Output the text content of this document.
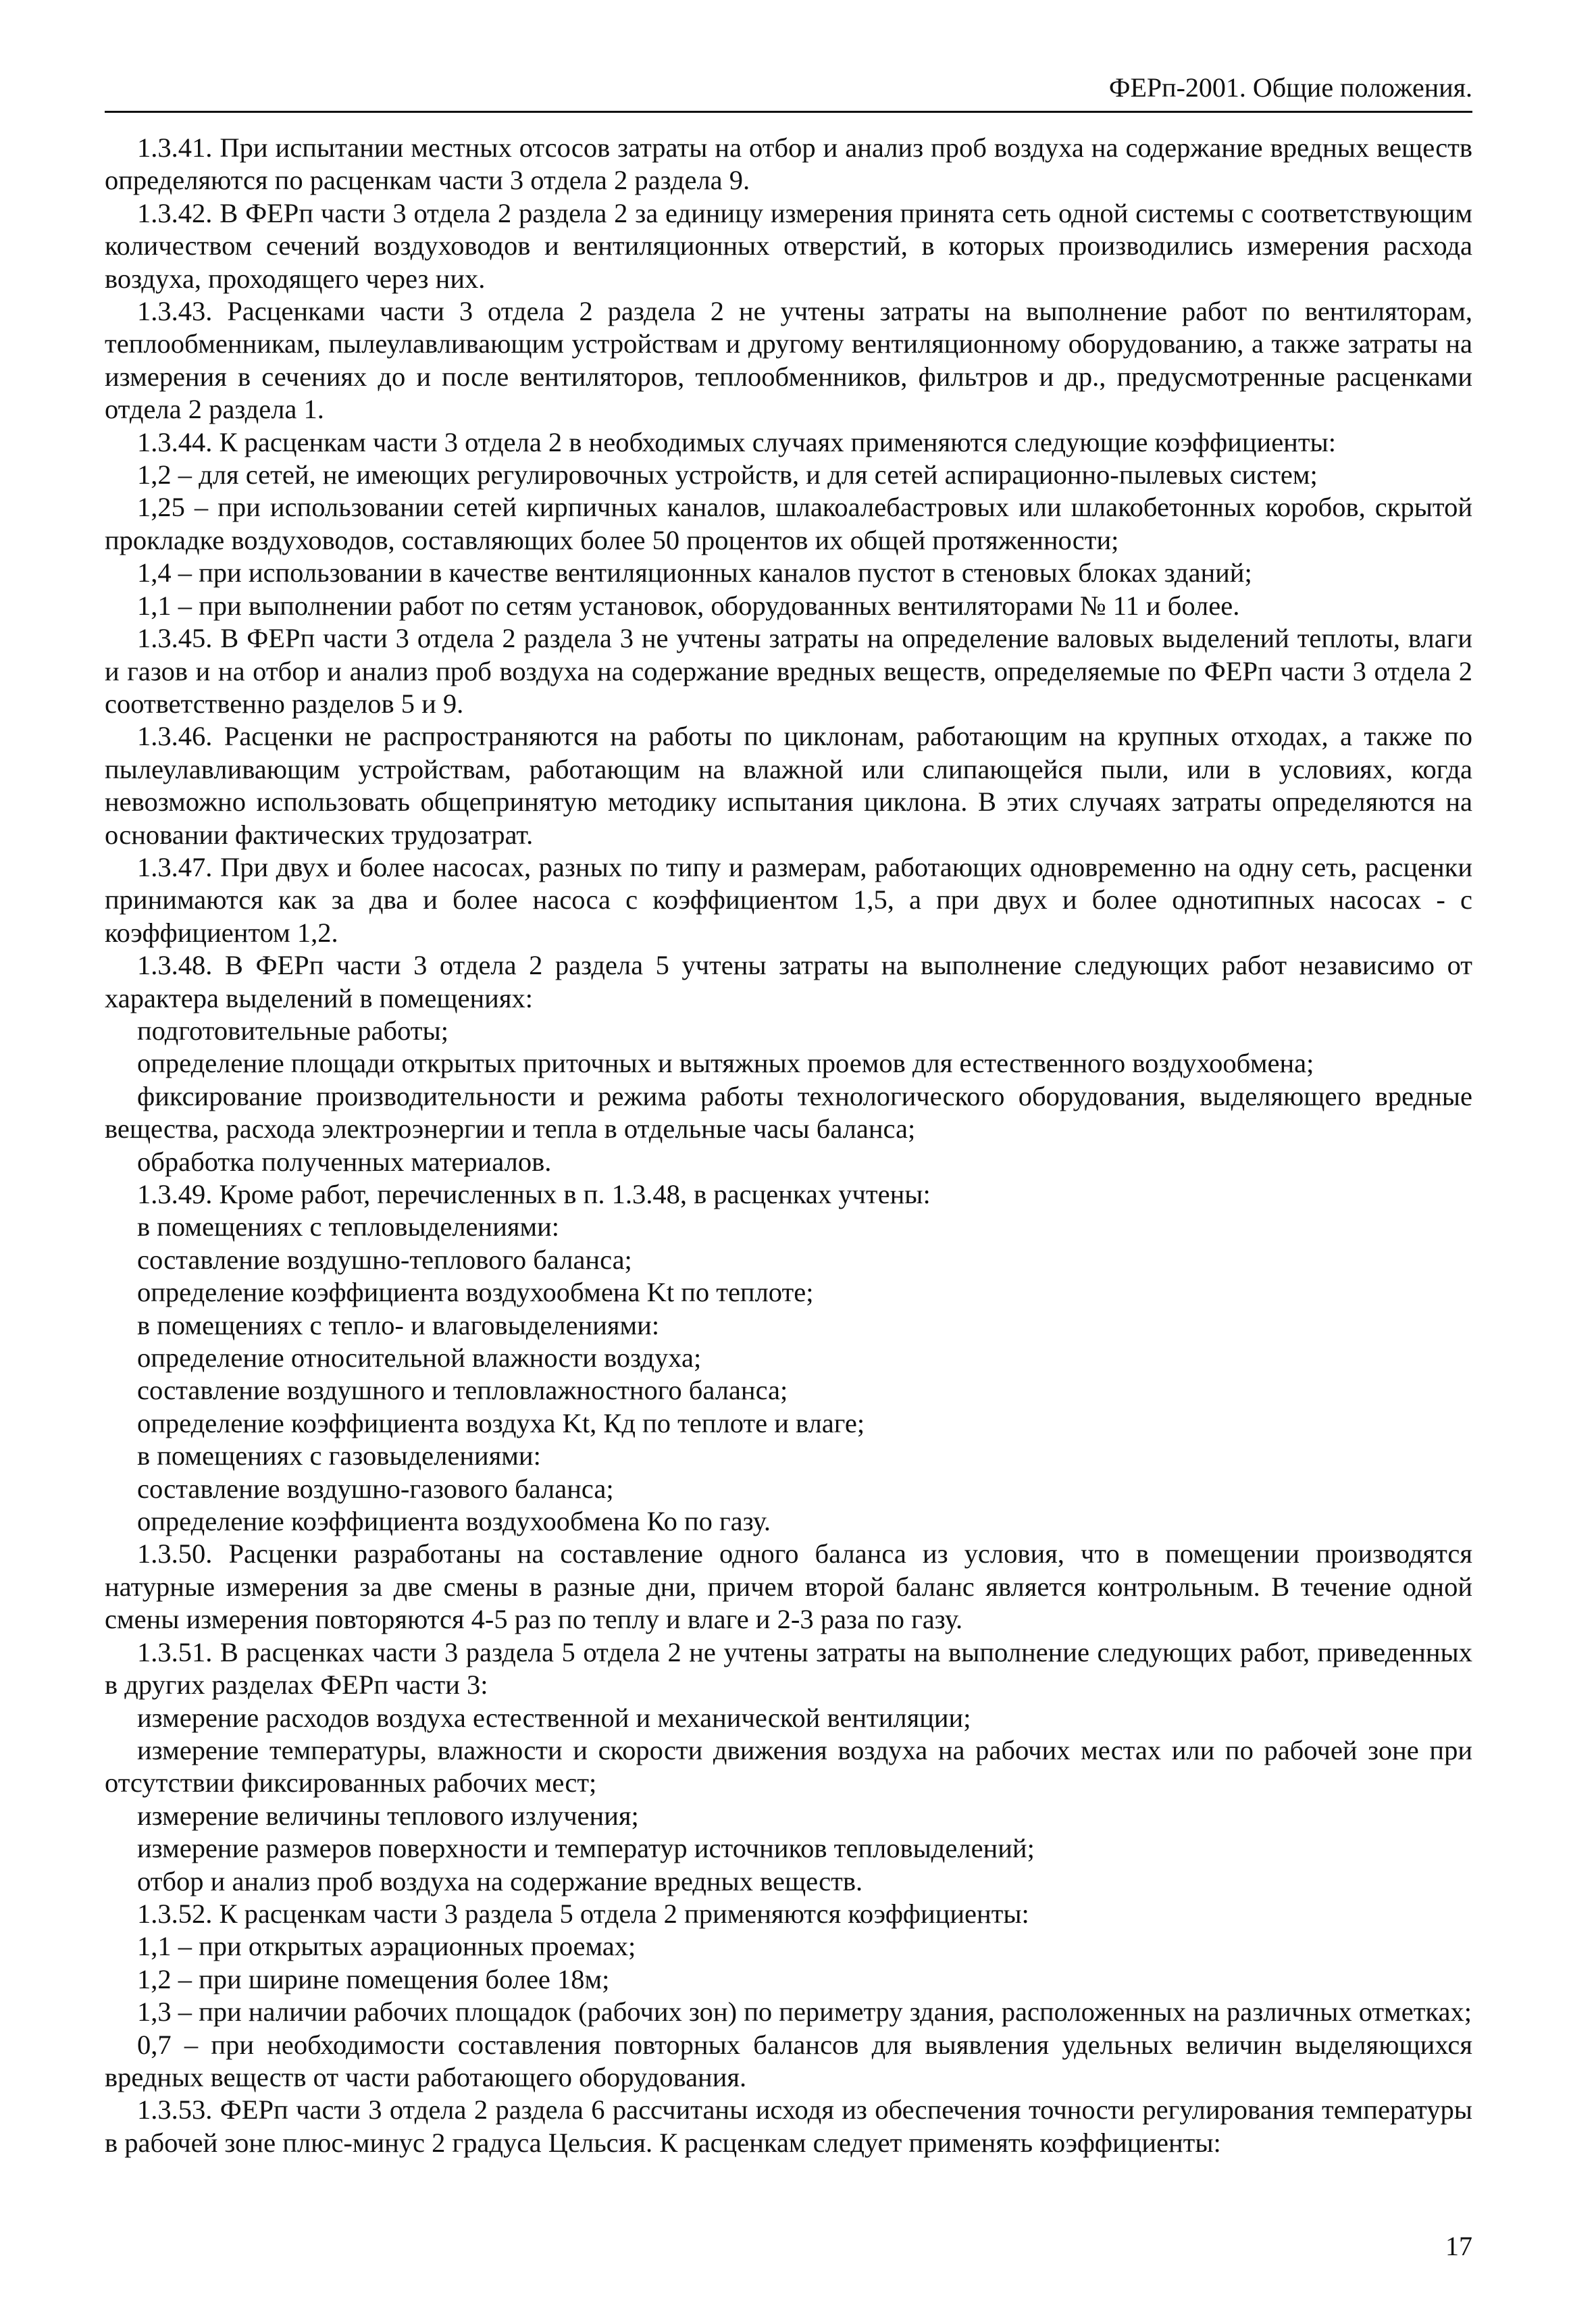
ФЕРп-2001. Общие положения.

1.3.41. При испытании местных отсосов затраты на отбор и анализ проб воздуха на содержание вредных веществ определяются по расценкам части 3 отдела 2 раздела 9.

1.3.42. В ФЕРп части 3 отдела 2 раздела 2 за единицу измерения принята сеть одной системы с соответствующим количеством сечений воздуховодов и вентиляционных отверстий, в которых производились измерения расхода воздуха, проходящего через них.

1.3.43. Расценками части 3 отдела 2 раздела 2 не учтены затраты на выполнение работ по вентиляторам, теплообменникам, пылеулавливающим устройствам и другому вентиляционному оборудованию, а также затраты на измерения в сечениях до и после вентиляторов, теплообменников, фильтров и др., предусмотренные расценками отдела 2 раздела 1.

1.3.44. К расценкам части 3 отдела 2 в необходимых случаях применяются следующие коэффициенты:

1,2 – для сетей, не имеющих регулировочных устройств, и для сетей аспирационно-пылевых систем;

1,25 – при использовании сетей кирпичных каналов, шлакоалебастровых или шлакобетонных коробов, скрытой прокладке воздуховодов, составляющих более 50 процентов их общей протяженности;

1,4 – при использовании в качестве вентиляционных каналов пустот в стеновых блоках зданий;

1,1 – при выполнении работ по сетям установок, оборудованных вентиляторами № 11 и более.

1.3.45. В ФЕРп части 3 отдела 2 раздела 3 не учтены затраты на определение валовых выделений теплоты, влаги и газов и на отбор и анализ проб воздуха на содержание вредных веществ, определяемые по ФЕРп части 3 отдела 2 соответственно разделов 5 и 9.

1.3.46. Расценки не распространяются на работы по циклонам, работающим на крупных отходах, а также по пылеулавливающим устройствам, работающим на влажной или слипающейся пыли, или в условиях, когда невозможно использовать общепринятую методику испытания циклона. В этих случаях затраты определяются на основании фактических трудозатрат.

1.3.47. При двух и более насосах, разных по типу и размерам, работающих одновременно на одну сеть, расценки принимаются как за два и более насоса с коэффициентом 1,5, а при двух и более однотипных насосах - с коэффициентом 1,2.

1.3.48. В ФЕРп части 3 отдела 2 раздела 5 учтены затраты на выполнение следующих работ независимо от характера выделений в помещениях:

подготовительные работы;

определение площади открытых приточных и вытяжных проемов для естественного воздухообмена;

фиксирование производительности и режима работы технологического оборудования, выделяющего вредные вещества, расхода электроэнергии и тепла в отдельные часы баланса;

обработка полученных материалов.

1.3.49. Кроме работ, перечисленных в п. 1.3.48, в расценках учтены:

в помещениях с тепловыделениями:

составление воздушно-теплового баланса;

определение коэффициента воздухообмена Kt по теплоте;

в помещениях с тепло- и влаговыделениями:

определение относительной влажности воздуха;

составление воздушного и тепловлажностного баланса;

определение коэффициента воздуха Kt, Кд по теплоте и влаге;

в помещениях с газовыделениями:

составление воздушно-газового баланса;

определение коэффициента воздухообмена Ко по газу.

1.3.50. Расценки разработаны на составление одного баланса из условия, что в помещении производятся натурные измерения за две смены в разные дни, причем второй баланс является контрольным. В течение одной смены измерения повторяются 4-5 раз по теплу и влаге и 2-3 раза по газу.

1.3.51. В расценках части 3 раздела 5 отдела 2 не учтены затраты на выполнение следующих работ, приведенных в других разделах ФЕРп части 3:

измерение расходов воздуха естественной и механической вентиляции;

измерение температуры, влажности и скорости движения воздуха на рабочих местах или по рабочей зоне при отсутствии фиксированных рабочих мест;

измерение величины теплового излучения;

измерение размеров поверхности и температур источников тепловыделений;

отбор и анализ проб воздуха на содержание вредных веществ.

1.3.52. К расценкам части 3 раздела 5 отдела 2 применяются коэффициенты:

1,1 – при открытых аэрационных проемах;

1,2 – при ширине помещения более 18м;

1,3 – при наличии рабочих площадок (рабочих зон) по периметру здания, расположенных на различных отметках;

0,7 – при необходимости составления повторных балансов для выявления удельных величин выделяющихся вредных веществ от части работающего оборудования.

1.3.53. ФЕРп части 3 отдела 2 раздела 6 рассчитаны исходя из обеспечения точности регулирования температуры в рабочей зоне плюс-минус 2 градуса Цельсия. К расценкам следует применять коэффициенты:

17
